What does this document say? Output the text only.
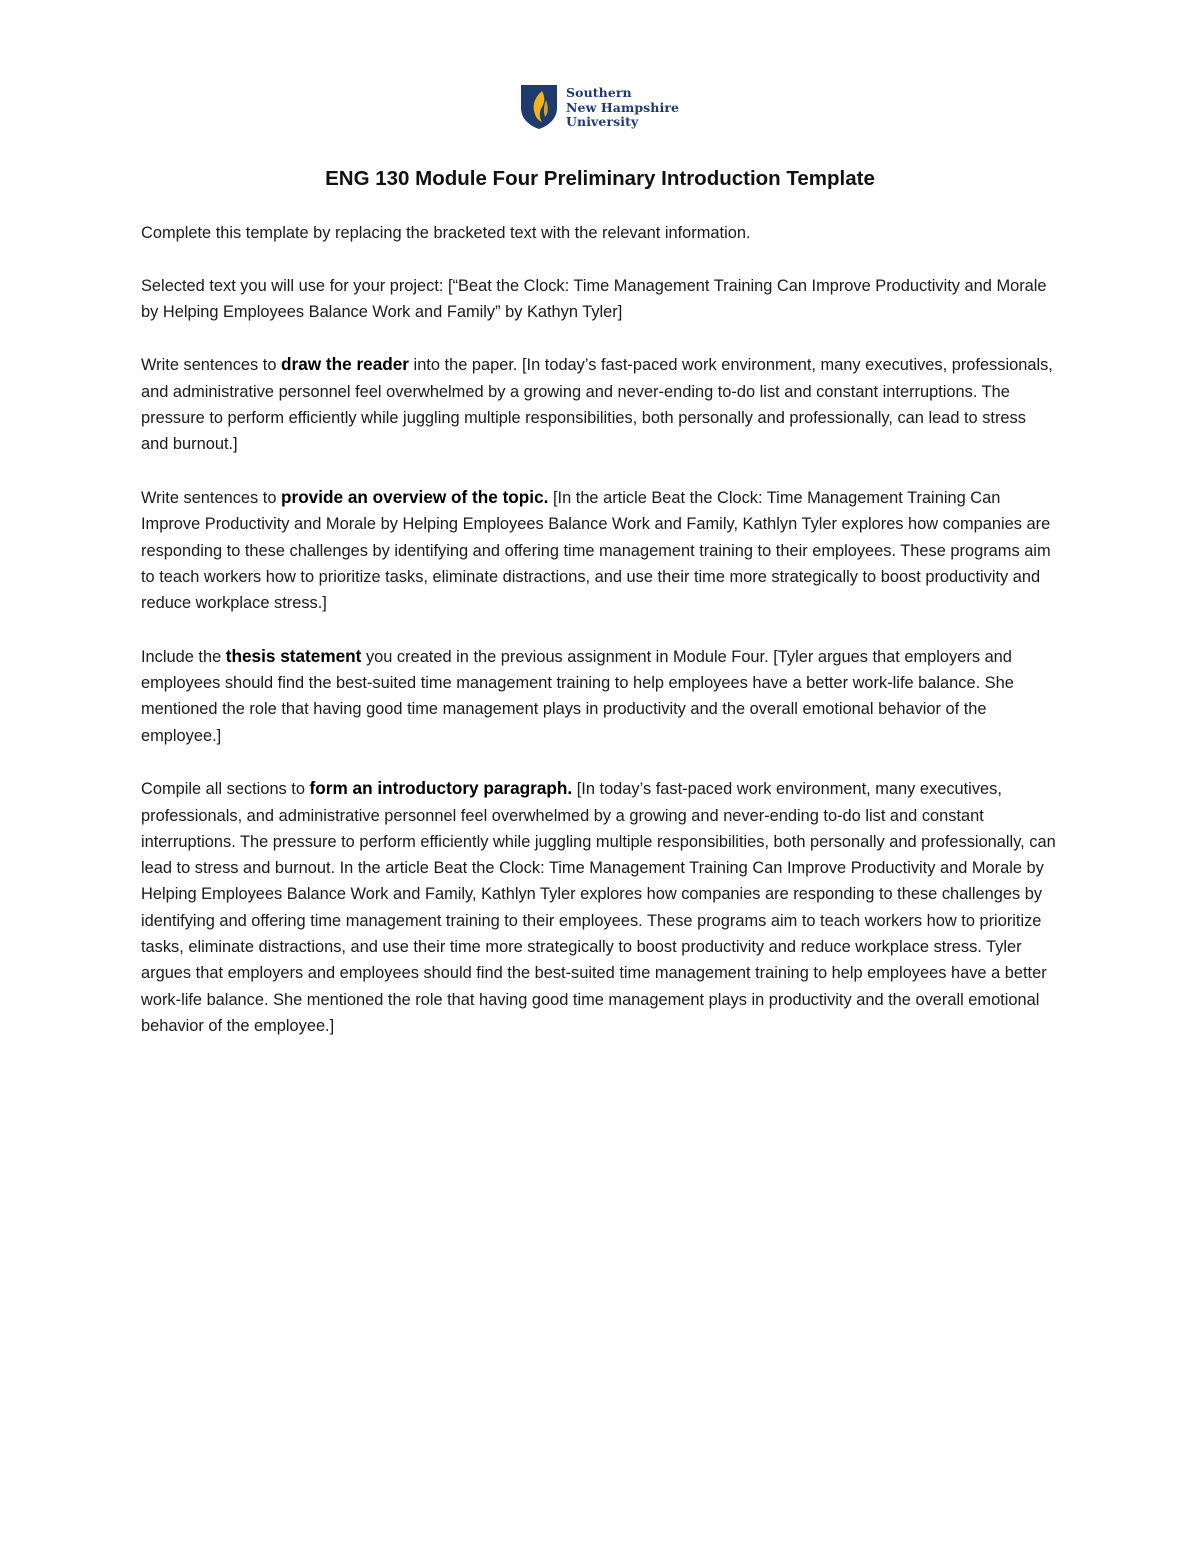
Southern
New Hampshire
University
ENG 130 Module Four Preliminary Introduction Template

Complete this template by replacing the bracketed text with the relevant information.

Selected text you will use for your project: [“Beat the Clock: Time Management Training Can Improve Productivity and Morale by Helping Employees Balance Work and Family” by Kathyn Tyler]

Write sentences to draw the reader into the paper. [In today’s fast-paced work environment, many executives, professionals, and administrative personnel feel overwhelmed by a growing and never-ending to-do list and constant interruptions. The pressure to perform efficiently while juggling multiple responsibilities, both personally and professionally, can lead to stress and burnout.]

Write sentences to provide an overview of the topic. [In the article Beat the Clock: Time Management Training Can Improve Productivity and Morale by Helping Employees Balance Work and Family, Kathlyn Tyler explores how companies are responding to these challenges by identifying and offering time management training to their employees. These programs aim to teach workers how to prioritize tasks, eliminate distractions, and use their time more strategically to boost productivity and reduce workplace stress.]

Include the thesis statement you created in the previous assignment in Module Four. [Tyler argues that employers and employees should find the best-suited time management training to help employees have a better work-life balance. She mentioned the role that having good time management plays in productivity and the overall emotional behavior of the employee.]

Compile all sections to form an introductory paragraph. [In today’s fast-paced work environment, many executives, professionals, and administrative personnel feel overwhelmed by a growing and never-ending to-do list and constant interruptions. The pressure to perform efficiently while juggling multiple responsibilities, both personally and professionally, can lead to stress and burnout. In the article Beat the Clock: Time Management Training Can Improve Productivity and Morale by Helping Employees Balance Work and Family, Kathlyn Tyler explores how companies are responding to these challenges by identifying and offering time management training to their employees. These programs aim to teach workers how to prioritize tasks, eliminate distractions, and use their time more strategically to boost productivity and reduce workplace stress. Tyler argues that employers and employees should find the best-suited time management training to help employees have a better work-life balance. She mentioned the role that having good time management plays in productivity and the overall emotional behavior of the employee.]
